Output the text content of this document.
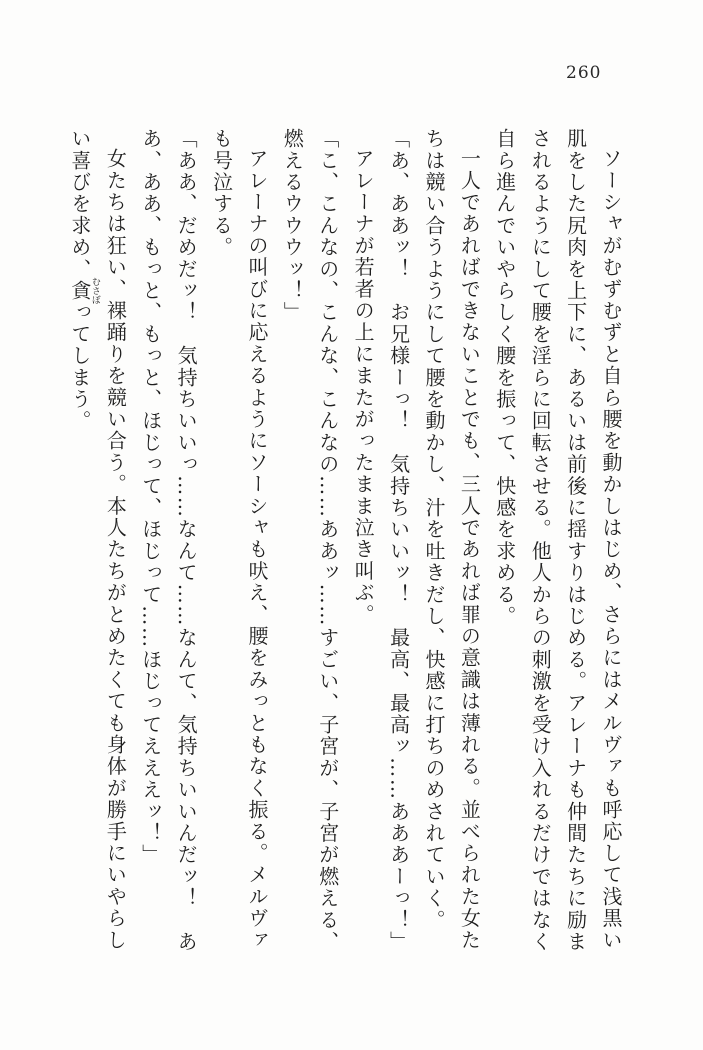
260

ソーシャがむずむずと自ら腰を動かしはじめ、さらにはメルヴァも呼応して浅黒い肌をした尻肉を上下に、あるいは前後に揺すりはじめる。アレーナも仲間たちに励まされるようにして腰を淫らに回転させる。他人からの刺激を受け入れるだけではなく自ら進んでいやらしく腰を振って、快感を求める。

一人であればできないことでも、三人であれば罪の意識は薄れる。並べられた女たちは競い合うようにして腰を動かし、汁を吐きだし、快感に打ちのめされていく。

「あ、ああッ！　お兄様ーっ！　気持ちいいッ！　最高、最高ッ……あああーっ！」

アレーナが若者の上にまたがったまま泣き叫ぶ。

「こ、こんなの、こんな、こんなの……ああッ……すごい、子宮が、子宮が燃える、燃えるウウウッ！」

アレーナの叫びに応えるようにソーシャも吠え、腰をみっともなく振る。メルヴァも号泣する。

「ああ、だめだッ！　気持ちいいっ……なんて……なんて、気持ちいいんだッ！　ああ、ああ、もっと、もっと、ほじって、ほじって……ほじってえええッ！」

女たちは狂い、裸踊りを競い合う。本人たちがとめたくても身体が勝手にいやらしい喜びを求め、貪むさぼってしまう。
